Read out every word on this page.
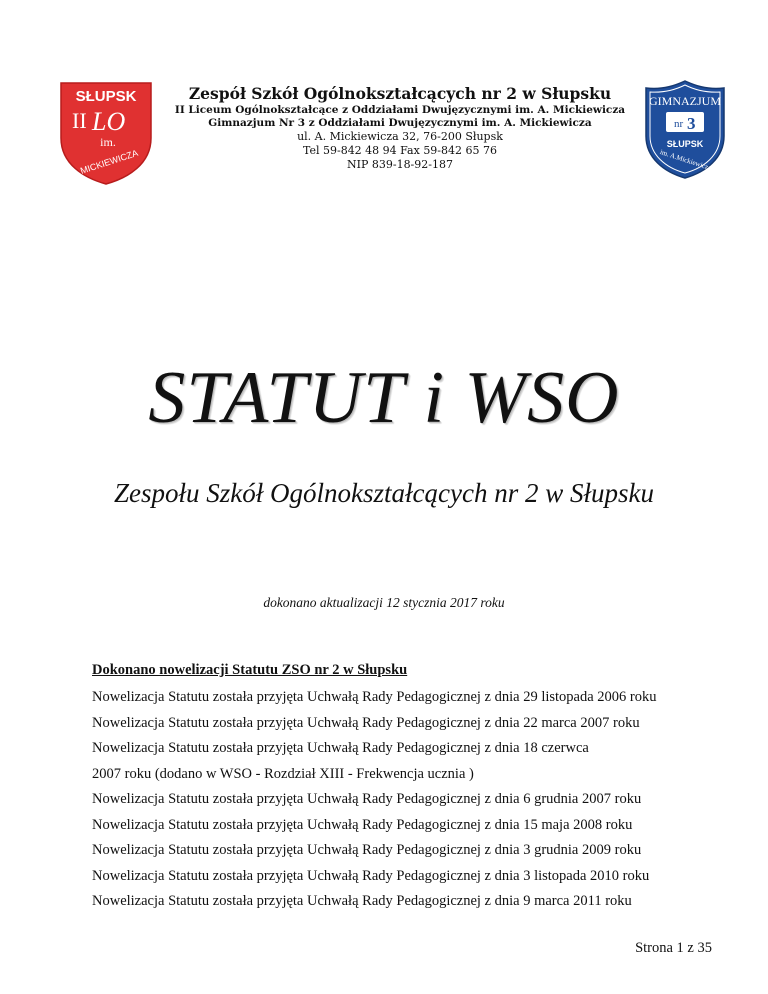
SŁUPSK
II LO
im.
A.MICKIEWICZA
Zespół Szkół Ogólnokształcących nr 2 w Słupsku
II Liceum Ogólnokształcące z Oddziałami Dwujęzycznymi im. A. Mickiewicza
Gimnazjum Nr 3 z Oddziałami Dwujęzycznymi im. A. Mickiewicza
ul. A. Mickiewicza 32, 76-200 Słupsk
Tel 59-842 48 94 Fax 59-842 65 76
NIP 839-18-92-187
GIMNAZJUM
nr 3
SŁUPSK
im. A.Mickiewicza
STATUT i WSO
Zespołu Szkół Ogólnokształcących nr 2 w Słupsku
dokonano aktualizacji 12 stycznia 2017 roku
Dokonano nowelizacji Statutu ZSO nr 2 w Słupsku
Nowelizacja Statutu została przyjęta Uchwałą Rady Pedagogicznej z dnia 29 listopada 2006 roku
Nowelizacja Statutu została przyjęta Uchwałą Rady Pedagogicznej z dnia 22 marca 2007 roku
Nowelizacja Statutu została przyjęta Uchwałą Rady Pedagogicznej z dnia 18 czerwca
2007 roku (dodano w WSO - Rozdział XIII - Frekwencja ucznia )
Nowelizacja Statutu została przyjęta Uchwałą Rady Pedagogicznej z dnia 6 grudnia 2007 roku
Nowelizacja Statutu została przyjęta Uchwałą Rady Pedagogicznej z dnia 15 maja 2008 roku
Nowelizacja Statutu została przyjęta Uchwałą Rady Pedagogicznej z dnia 3 grudnia 2009 roku
Nowelizacja Statutu została przyjęta Uchwałą Rady Pedagogicznej z dnia 3 listopada 2010 roku
Nowelizacja Statutu została przyjęta Uchwałą Rady Pedagogicznej z dnia 9 marca 2011 roku
Strona 1 z 35
